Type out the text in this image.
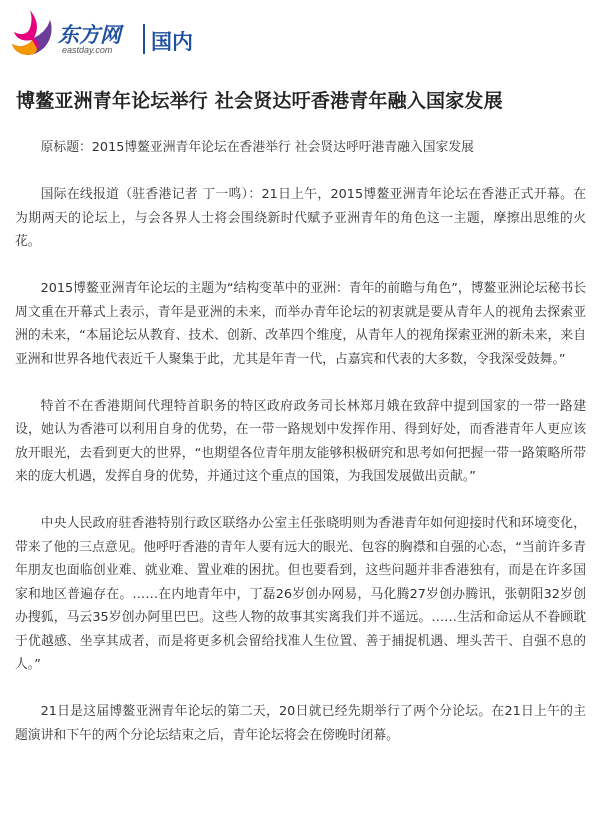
东方网
eastday.com 国内
博鳌亚洲青年论坛举行 社会贤达吁香港青年融入国家发展

原标题：2015博鳌亚洲青年论坛在香港举行 社会贤达呼吁港青融入国家发展

国际在线报道（驻香港记者 丁一鸣）：21日上午，2015博鳌亚洲青年论坛在香港正式开幕。在为期两天的论坛上，与会各界人士将会围绕新时代赋予亚洲青年的角色这一主题，摩擦出思维的火花。

2015博鳌亚洲青年论坛的主题为“结构变革中的亚洲：青年的前瞻与角色”，博鳌亚洲论坛秘书长周文重在开幕式上表示，青年是亚洲的未来，而举办青年论坛的初衷就是要从青年人的视角去探索亚洲的未来，“本届论坛从教育、技术、创新、改革四个维度，从青年人的视角探索亚洲的新未来，来自亚洲和世界各地代表近千人聚集于此，尤其是年青一代，占嘉宾和代表的大多数，令我深受鼓舞。”

特首不在香港期间代理特首职务的特区政府政务司长林郑月娥在致辞中提到国家的一带一路建设，她认为香港可以利用自身的优势，在一带一路规划中发挥作用、得到好处，而香港青年人更应该放开眼光，去看到更大的世界，“也期望各位青年朋友能够积极研究和思考如何把握一带一路策略所带来的庞大机遇，发挥自身的优势，并通过这个重点的国策，为我国发展做出贡献。”

中央人民政府驻香港特别行政区联络办公室主任张晓明则为香港青年如何迎接时代和环境变化，带来了他的三点意见。他呼吁香港的青年人要有远大的眼光、包容的胸襟和自强的心态，“当前许多青年朋友也面临创业难、就业难、置业难的困扰。但也要看到，这些问题并非香港独有，而是在许多国家和地区普遍存在。……在内地青年中，丁磊26岁创办网易，马化腾27岁创办腾讯，张朝阳32岁创办搜狐，马云35岁创办阿里巴巴。这些人物的故事其实离我们并不遥远。……生活和命运从不眷顾耽于优越感、坐享其成者，而是将更多机会留给找准人生位置、善于捕捉机遇、埋头苦干、自强不息的人。”

21日是这届博鳌亚洲青年论坛的第二天，20日就已经先期举行了两个分论坛。在21日上午的主题演讲和下午的两个分论坛结束之后，青年论坛将会在傍晚时闭幕。
